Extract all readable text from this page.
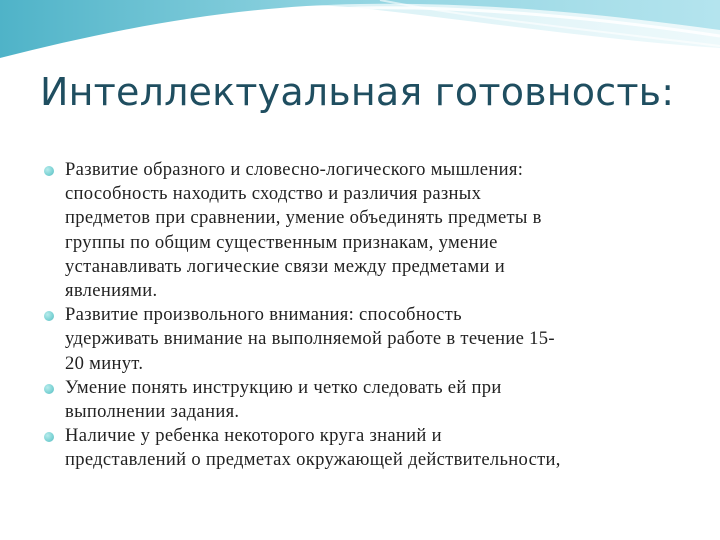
Интеллектуальная готовность:
Развитие образного и словесно-логического мышления:
способность находить сходство и различия разных
предметов при сравнении, умение объединять предметы в
группы по общим существенным признакам, умение
устанавливать логические связи между предметами и
явлениями.
Развитие произвольного внимания: способность
удерживать внимание на выполняемой работе в течение 15-
20 минут.
Умение понять инструкцию и четко следовать ей при
выполнении задания.
Наличие у ребенка некоторого круга знаний и
представлений о предметах окружающей действительности,
